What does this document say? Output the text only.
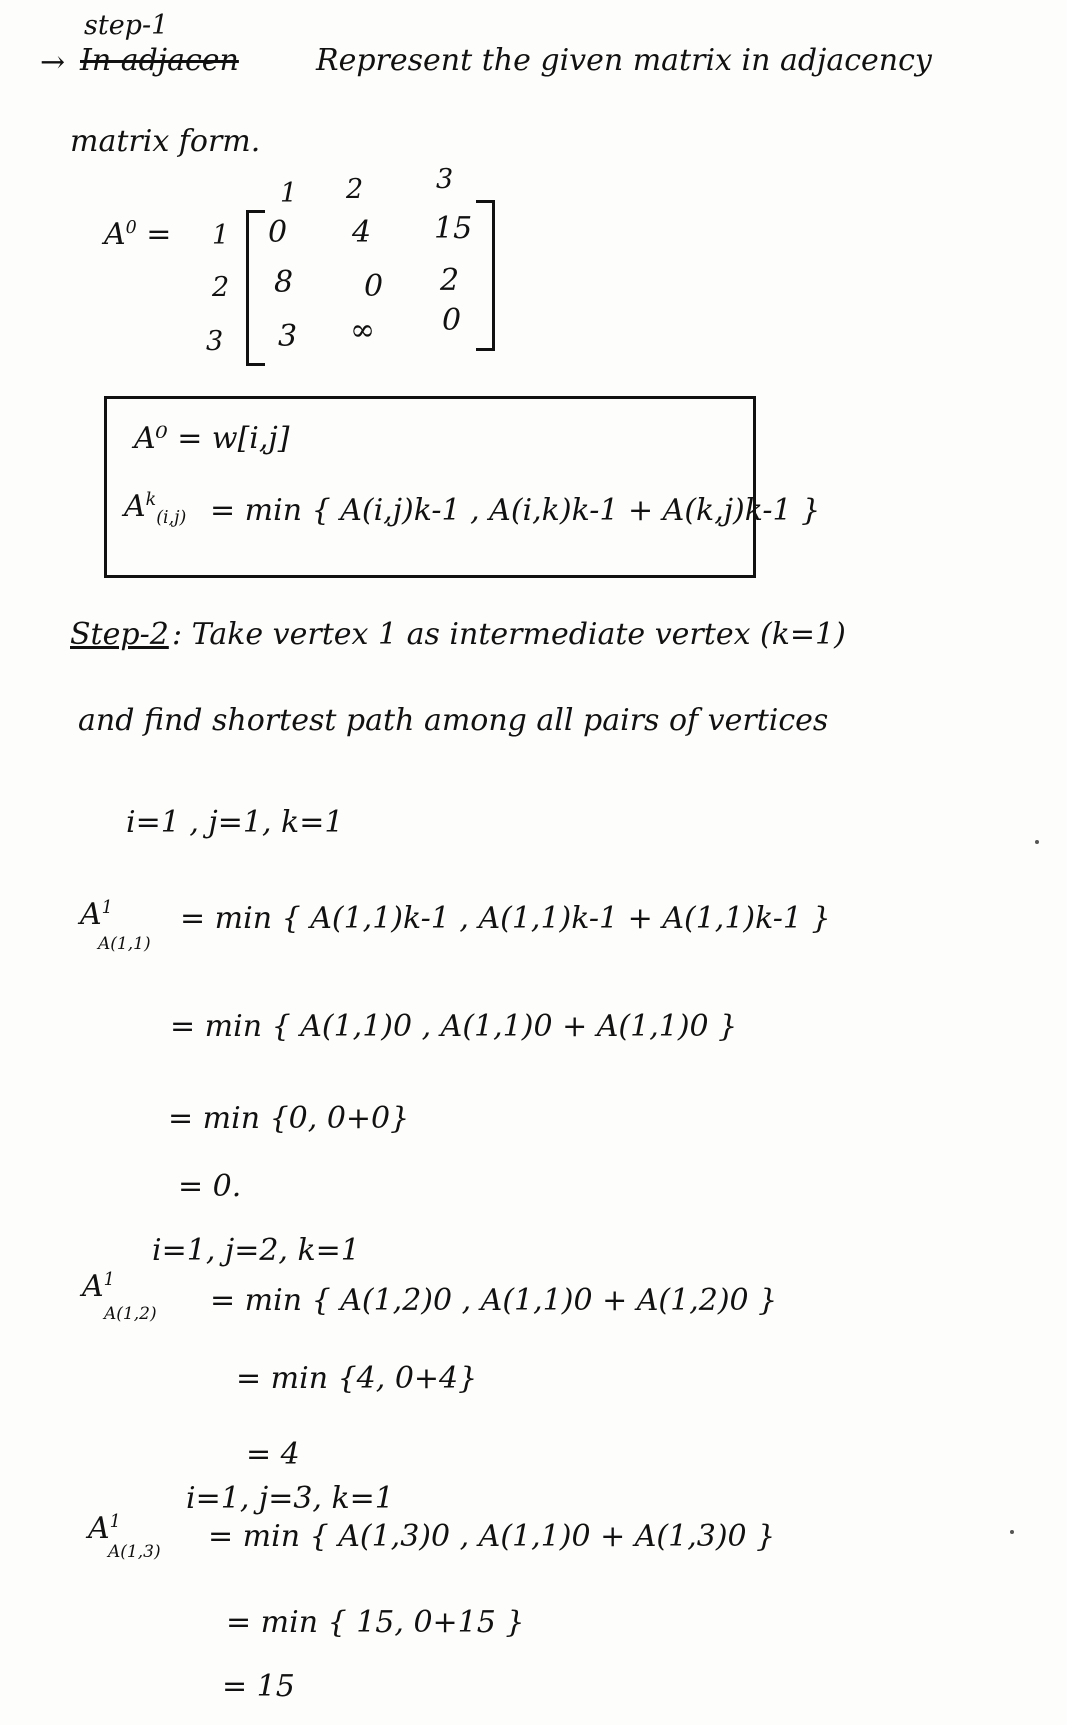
step-1
→ In adjacen	Represent the given matrix in adjacency
matrix form.
$A^0$ =
1 2	3
1
2
3
0 4 15
8 0 2
3 ∞ 0
A⁰ = w[i,j]
$A^k_{(i,j)} = \min$ { A(i,j)k-1 , A(i,k)k-1 + A(k,j)k-1 }
Step-2 : Take vertex 1 as intermediate vertex (k=1)
and find shortest path among all pairs of vertices
i=1 , j=1, k=1
$A^1$
A(1,1)
= min { A(1,1)k-1 , A(1,1)k-1 + A(1,1)k-1 }
= min { A(1,1)0 , A(1,1)0 + A(1,1)0 }
= min {0, 0+0}
= 0.
i=1, j=2, k=1
$A^1$
A(1,2) = min { A(1,2)0 , A(1,1)0 + A(1,2)0 }
= min {4, 0+4}
= 4
i=1, j=3, k=1
$A^1$
A(1,3) = min { A(1,3)0 , A(1,1)0 + A(1,3)0 }
= min { 15, 0+15 }
= 15
